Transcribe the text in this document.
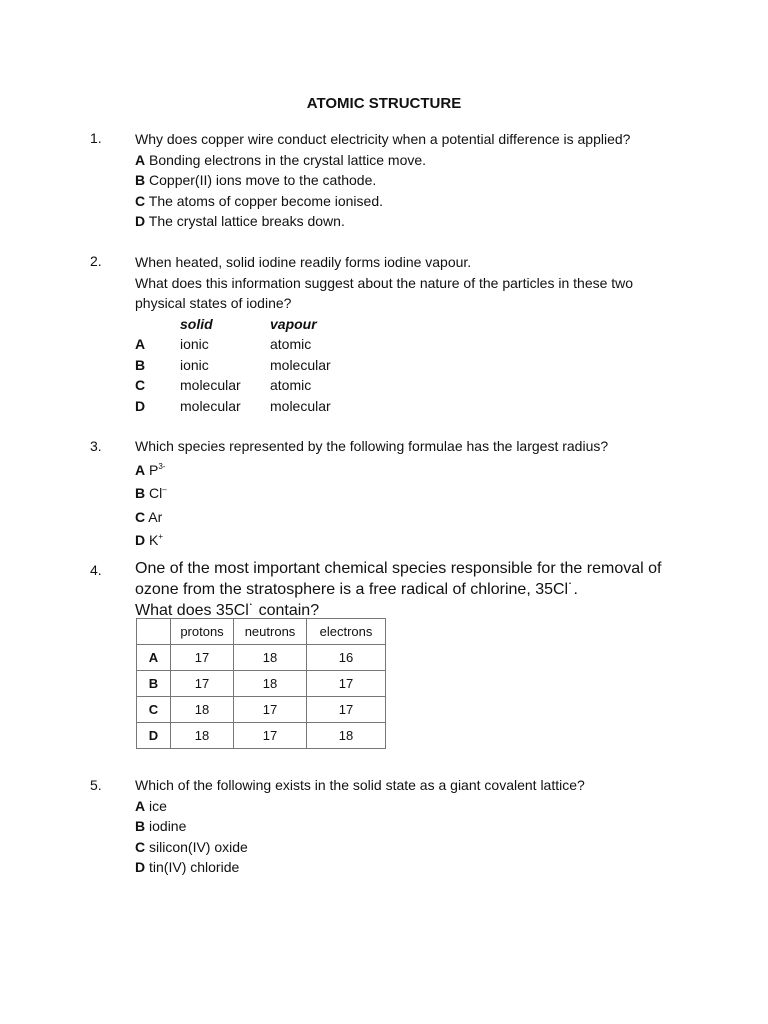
ATOMIC STRUCTURE
1. Why does copper wire conduct electricity when a potential difference is applied?
A Bonding electrons in the crystal lattice move.
B Copper(II) ions move to the cathode.
C The atoms of copper become ionised.
D The crystal lattice breaks down.
2. When heated, solid iodine readily forms iodine vapour.
What does this information suggest about the nature of the particles in these two
physical states of iodine?
solid	vapour
A	ionic	atomic
B	ionic	molecular
C	molecular	atomic
D	molecular	molecular
3. Which species represented by the following formulae has the largest radius?
A $P^{3-}$
B Cl–
C Ar
D K+
4. One of the most important chemical species responsible for the removal of
ozone from the stratosphere is a free radical of chlorine, 35Cl˙.
What does 35Cl˙ contain?
	protons	neutrons	electrons
A	17	18	16
B	17	18	17
C	18	17	17
D	18	17	18
5. Which of the following exists in the solid state as a giant covalent lattice?
A ice
B iodine
C silicon(IV) oxide
D tin(IV) chloride
